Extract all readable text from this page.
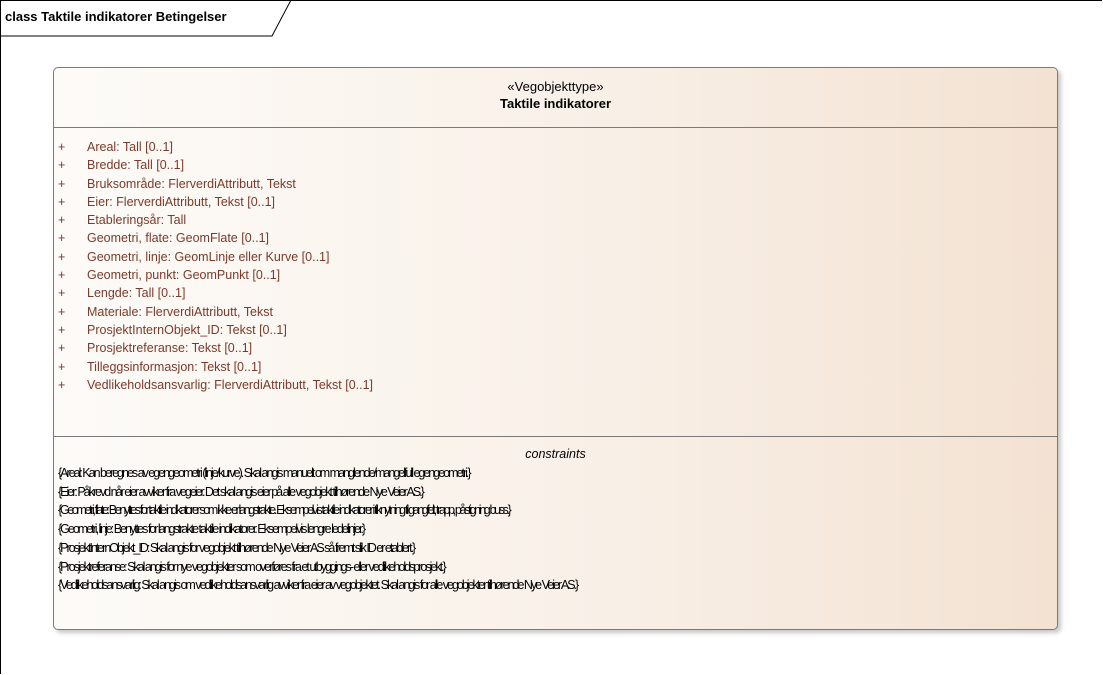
class Taktile indikatorer Betingelser
«Vegobjekttype»
Taktile indikatorer
+	Areal: Tall [0..1]
+	Bredde: Tall [0..1]
+	Bruksområde: FlerverdiAttributt, Tekst
+	Eier: FlerverdiAttributt, Tekst [0..1]
+	Etableringsår: Tall
+	Geometri, flate: GeomFlate [0..1]
+	Geometri, linje: GeomLinje eller Kurve [0..1]
+	Geometri, punkt: GeomPunkt [0..1]
+	Lengde: Tall [0..1]
+	Materiale: FlerverdiAttributt, Tekst
+	ProsjektInternObjekt_ID: Tekst [0..1]
+	Prosjektreferanse: Tekst [0..1]
+	Tilleggsinformasjon: Tekst [0..1]
+	Vedlikeholdsansvarlig: FlerverdiAttributt, Tekst [0..1]
constraints
{Areal: Kan beregnes av egengeometri (linje/kurve). Skal angis manuelt om manglende/mangelfull egengeometri.}
{Eier: Påkrevd når eier avviker fra vegeier. Det skal angis eier på alle vegobjekt tilhørende Nye Veier AS.}
{Geometri, flate: Benyttes for taktile indikatorer som ikke er langstrakte. Eksempelvis taktile indikatorer i tilknytning til gangfelt, trapp, påstigning buss.}
{Geometri, linje: Benyttes for langstrakte taktile indikatorer. Eksempelvis lengre ledelinjer.}
{ProsjektInternObjekt_ID: Skal angis for vegobjekt tilhørende Nye Veier AS så fremt slik ID er etablert.}
{Prosjektreferanse: Skal angis for nye vegobjekter som overføres fra et utbyggings- eller vedlikeholdsprosjekt.}
{Vedlikeholdsansvarlig: Skal angis om vedlikeholdsansvarlig avviker fra eier av vegobjektet. Skal angis for alle vegobjekter tilhørende Nye Veier AS.}
